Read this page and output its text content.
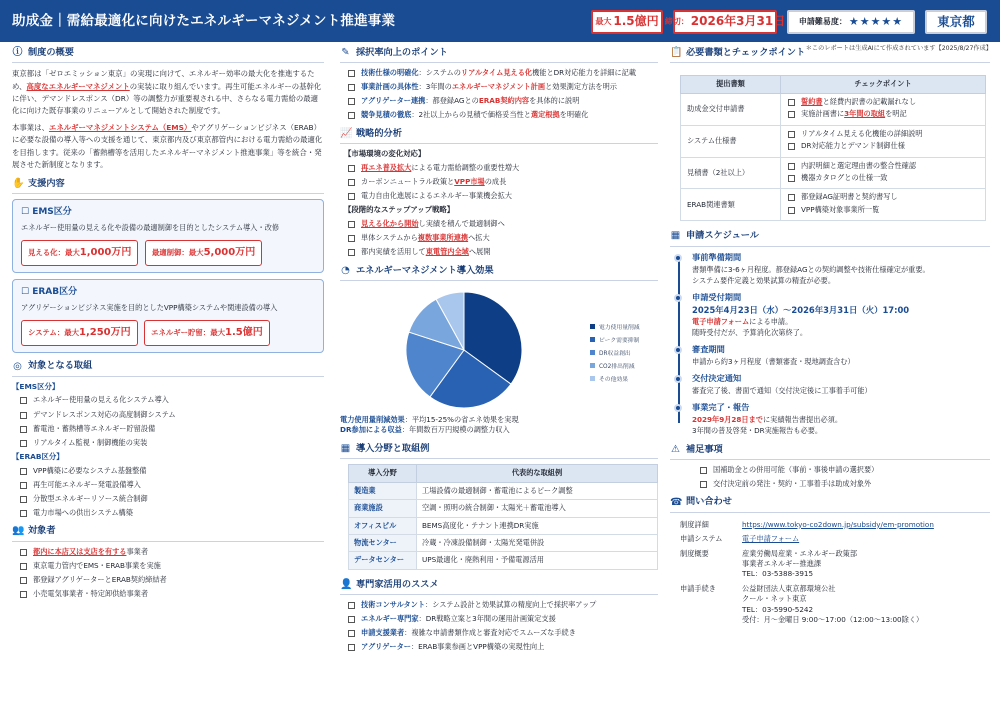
助成金｜需給最適化に向けたエネルギーマネジメント推進事業	最大 1.5億円 締切： 2026年3月31日 申請難易度： ★★★★★	東京都
＊このレポートは生成AIにて作成されています【2025/8/27作成】
ⓘ 制度の概要
東京都は「ゼロエミッション東京」の実現に向けて、エネルギー効率の最大化を推進するため、高度なエネルギーマネジメントの実装に取り組んでいます。再生可能エネルギーの基幹化に伴い、デマンドレスポンス（DR）等の調整力が重要視される中、さらなる電力需給の最適化に向けた既存事業のリニューアルとして開始された制度です。
本事業は、エネルギーマネジメントシステム（EMS）やアグリゲーションビジネス（ERAB）に必要な設備の導入等への支援を通じて、東京都内及び東京都管内における電力需給の最適化を目指します。従来の「蓄熱槽等を活用したエネルギーマネジメント推進事業」等を統合・発展させた新制度となります。
✋ 支援内容
☐ EMS区分
エネルギー使用量の見える化や設備の最適制御を目的としたシステム導入・改修
見える化：最大1,000万円	最適制御：最大5,000万円
☐ ERAB区分
アグリゲーションビジネス実施を目的としたVPP構築システムや関連設備の導入
システム：最大1,250万円	エネルギー貯留：最大1.5億円
◎ 対象となる取組
【EMS区分】
エネルギー使用量の見える化システム導入
デマンドレスポンス対応の高度制御システム
蓄電池・蓄熱槽等エネルギー貯留設備
リアルタイム監視・制御機能の実装
【ERAB区分】
VPP構築に必要なシステム基盤整備
再生可能エネルギー発電設備導入
分散型エネルギーリソース統合制御
電力市場への供出システム構築
👥 対象者
都内に本店又は支店を有する事業者
東京電力管内でEMS・ERAB事業を実施
都登録アグリゲーターとERAB契約締結者
小売電気事業者・特定卸供給事業者
✎ 採択率向上のポイント
技術仕様の明確化：システムのリアルタイム見える化機能とDR対応能力を詳細に記載
事業計画の具体性：3年間のエネルギーマネジメント計画と効果測定方法を明示
アグリゲーター連携：都登録AGとのERAB契約内容を具体的に説明
競争見積の徹底：2社以上からの見積で価格妥当性と選定根拠を明確化
📈 戦略的分析
【市場環境の変化対応】
再エネ普及拡大による電力需給調整の重要性増大
カーボンニュートラル政策とVPP市場の成長
電力自由化進展によるエネルギー事業機会拡大
【段階的なステップアップ戦略】
見える化から開始し実績を積んで最適制御へ
単体システムから複数事業所連携へ拡大
都内実績を活用して東電管内全域へ展開
◔ エネルギーマネジメント導入効果
電力使用量削減
ピーク需要抑制
DR収益創出
CO2排出削減
その他効果
電力使用量削減効果：平均15-25%の省エネ効果を実現
DR参加による収益：年間数百万円規模の調整力収入
▦ 導入分野と取組例
導入分野	代表的な取組例
製造業	工場設備の最適制御・蓄電池によるピーク調整
商業施設	空調・照明の統合制御・太陽光＋蓄電池導入
オフィスビル	BEMS高度化・テナント連携DR実施
物流センター	冷蔵・冷凍設備制御・太陽光発電併設
データセンター	UPS最適化・廃熱利用・予備電源活用
👤 専門家活用のススメ
技術コンサルタント：システム設計と効果試算の精度向上で採択率アップ
エネルギー専門家：DR戦略立案と3年間の運用計画策定支援
申請支援業者：複雑な申請書類作成と審査対応でスムーズな手続き
アグリゲーター：ERAB事業参画とVPP構築の実現性向上
📋 必要書類とチェックポイント
提出書類	チェックポイント
助成金交付申請書	誓約書と経費内訳書の記載漏れなし
実施計画書に3年間の取組を明記

システム仕様書	リアルタイム見える化機能の詳細説明
DR対応能力とデマンド制御仕様

見積書（2社以上）	内訳明細と選定理由書の整合性確認
機器カタログとの仕様一致

ERAB関連書類	都登録AG証明書と契約書写し
VPP構築対象事業所一覧
▦ 申請スケジュール
事前準備期間
書類準備に3-6ヶ月程度。都登録AGとの契約調整や技術仕様確定が重要。
システム要件定義と効果試算の精査が必要。
申請受付期間
2025年4月23日（水）～2026年3月31日（火）17:00
電子申請フォームによる申請。
随時受付だが、予算消化次第終了。
審査期間
申請から約3ヶ月程度（書類審査・現地調査含む）
交付決定通知
審査完了後、書面で通知（交付決定後に工事着手可能）
事業完了・報告
2029年9月28日までに実績報告書提出必須。
3年間の普及啓発・DR実施報告も必要。
⚠ 補足事項
国補助金との併用可能（事前・事後申請の選択要）
交付決定前の発注・契約・工事着手は助成対象外
☎ 問い合わせ
制度詳細	https://www.tokyo-co2down.jp/subsidy/em-promotion

申請システム	電子申請フォーム

制度概要	産業労働局産業・エネルギー政策部
事業者エネルギー推進課
TEL：03-5388-3915

申請手続き	公益財団法人東京都環境公社
クール・ネット東京
TEL：03-5990-5242
受付：月～金曜日 9:00～17:00（12:00～13:00除く）
